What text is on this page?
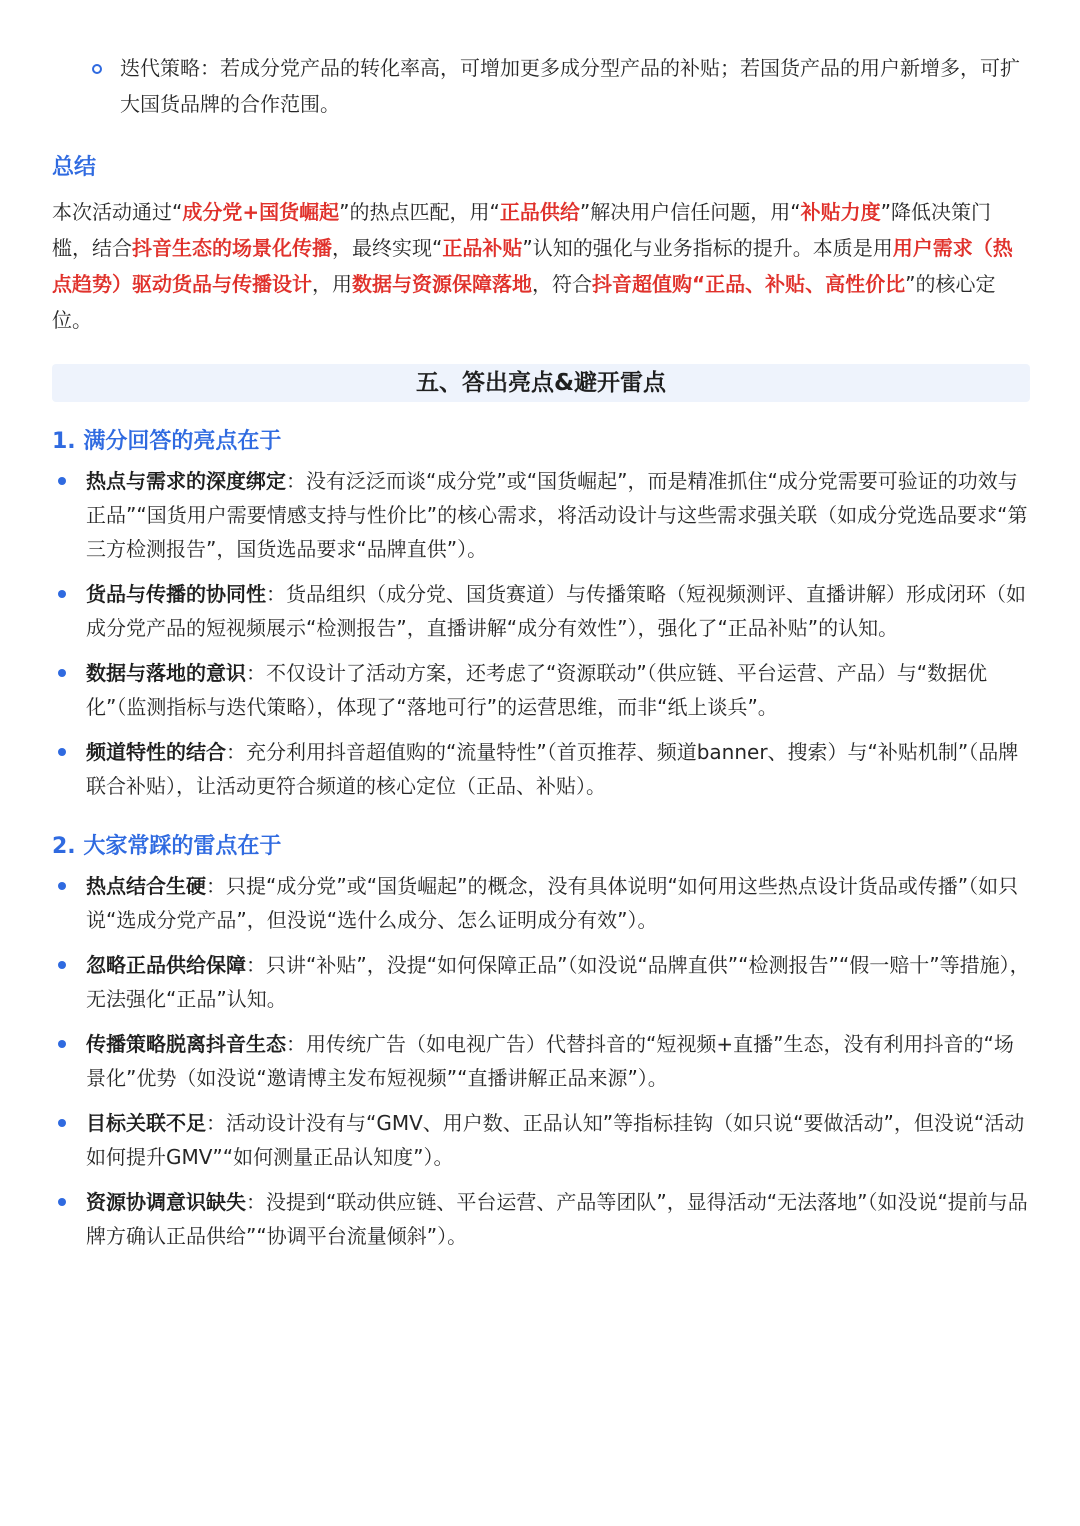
迭代策略：若成分党产品的转化率高，可增加更多成分型产品的补贴；若国货产品的用户新增多，可扩大国货品牌的合作范围。
总结
本次活动通过“成分党+国货崛起”的热点匹配，用“正品供给”解决用户信任问题，用“补贴力度”降低决策门槛，结合抖音生态的场景化传播，最终实现“正品补贴”认知的强化与业务指标的提升。本质是用用户需求（热点趋势）驱动货品与传播设计，用数据与资源保障落地，符合抖音超值购“正品、补贴、高性价比”的核心定位。
五、答出亮点&避开雷点
1. 满分回答的亮点在于
热点与需求的深度绑定：没有泛泛而谈“成分党”或“国货崛起”，而是精准抓住“成分党需要可验证的功效与正品”“国货用户需要情感支持与性价比”的核心需求，将活动设计与这些需求强关联（如成分党选品要求“第三方检测报告”，国货选品要求“品牌直供”）。
货品与传播的协同性：货品组织（成分党、国货赛道）与传播策略（短视频测评、直播讲解）形成闭环（如成分党产品的短视频展示“检测报告”，直播讲解“成分有效性”），强化了“正品补贴”的认知。
数据与落地的意识：不仅设计了活动方案，还考虑了“资源联动”（供应链、平台运营、产品）与“数据优化”（监测指标与迭代策略），体现了“落地可行”的运营思维，而非“纸上谈兵”。
频道特性的结合：充分利用抖音超值购的“流量特性”（首页推荐、频道banner、搜索）与“补贴机制”（品牌联合补贴），让活动更符合频道的核心定位（正品、补贴）。
2. 大家常踩的雷点在于
热点结合生硬：只提“成分党”或“国货崛起”的概念，没有具体说明“如何用这些热点设计货品或传播”（如只说“选成分党产品”，但没说“选什么成分、怎么证明成分有效”）。
忽略正品供给保障：只讲“补贴”，没提“如何保障正品”（如没说“品牌直供”“检测报告”“假一赔十”等措施），无法强化“正品”认知。
传播策略脱离抖音生态：用传统广告（如电视广告）代替抖音的“短视频+直播”生态，没有利用抖音的“场景化”优势（如没说“邀请博主发布短视频”“直播讲解正品来源”）。
目标关联不足：活动设计没有与“GMV、用户数、正品认知”等指标挂钩（如只说“要做活动”，但没说“活动如何提升GMV”“如何测量正品认知度”）。
资源协调意识缺失：没提到“联动供应链、平台运营、产品等团队”，显得活动“无法落地”（如没说“提前与品牌方确认正品供给”“协调平台流量倾斜”）。
